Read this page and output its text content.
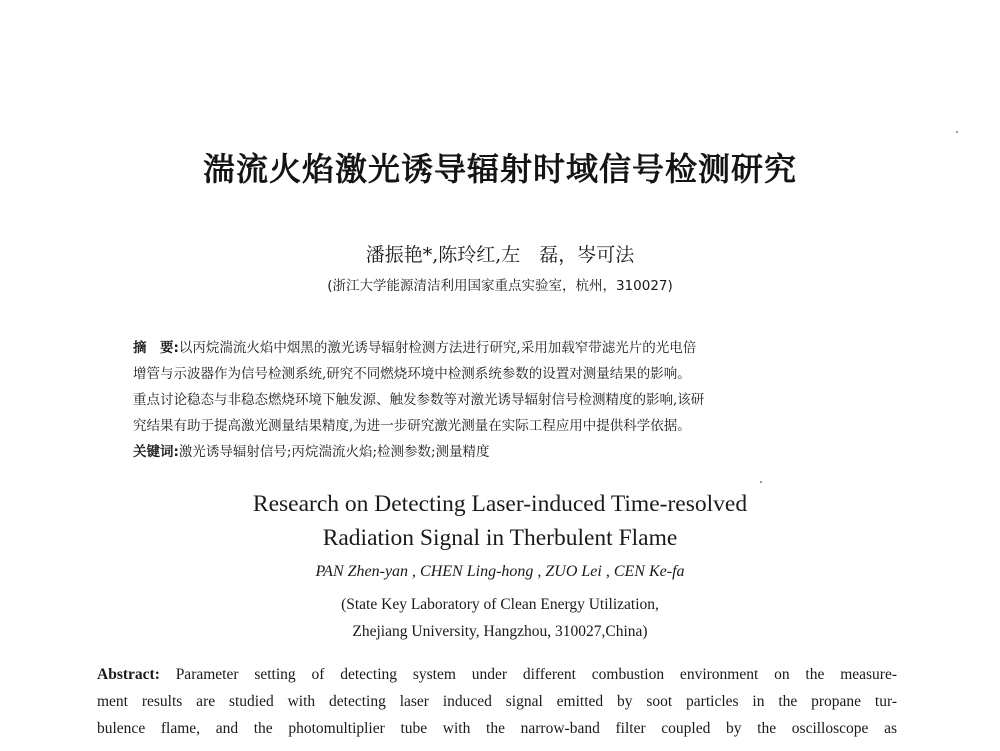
湍流火焰激光诱导辐射时域信号检测研究
潘振艳*,陈玲红,左　磊，岑可法
(浙江大学能源清洁利用国家重点实验室，杭州，310027)
摘　要:以丙烷湍流火焰中烟黑的激光诱导辐射检测方法进行研究,采用加载窄带滤光片的光电倍
增管与示波器作为信号检测系统,研究不同燃烧环境中检测系统参数的设置对测量结果的影响。
重点讨论稳态与非稳态燃烧环境下触发源、触发参数等对激光诱导辐射信号检测精度的影响,该研
究结果有助于提高激光测量结果精度,为进一步研究激光测量在实际工程应用中提供科学依据。
关键词:激光诱导辐射信号;丙烷湍流火焰;检测参数;测量精度
Research on Detecting Laser-induced Time-resolved
Radiation Signal in Therbulent Flame
PAN Zhen-yan , CHEN Ling-hong , ZUO Lei , CEN Ke-fa
(State Key Laboratory of Clean Energy Utilization,
Zhejiang University, Hangzhou, 310027,China)
Abstract: Parameter setting of detecting system under different combustion environment on the measure-
ment results are studied with detecting laser induced signal emitted by soot particles in the propane tur-
bulence flame, and the photomultiplier tube with the narrow-band filter coupled by the oscilloscope as
